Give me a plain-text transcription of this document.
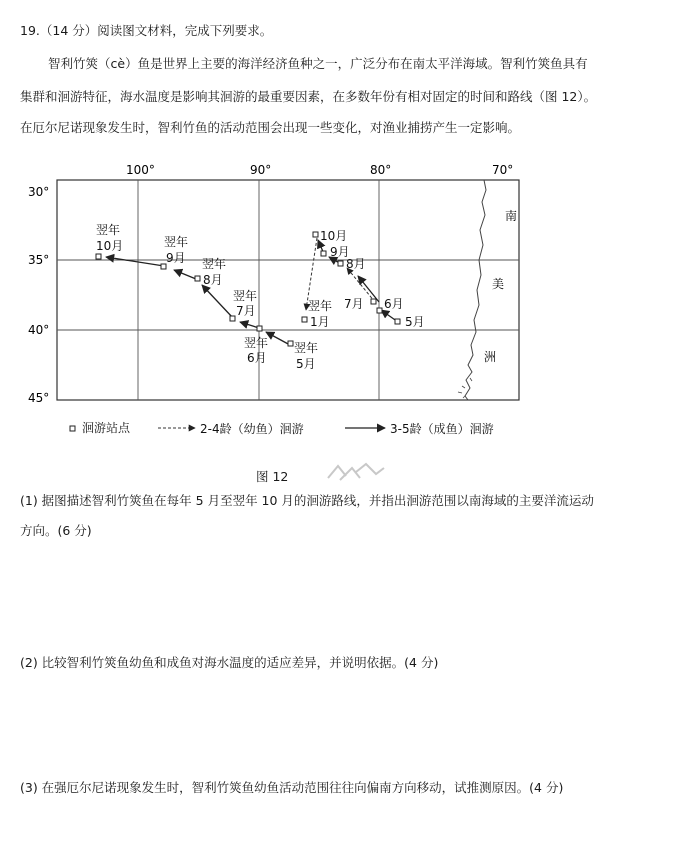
19.（14 分）阅读图文材料，完成下列要求。
智利竹筴（cè）鱼是世界上主要的海洋经济鱼种之一，广泛分布在南太平洋海域。智利竹筴鱼具有
集群和洄游特征，海水温度是影响其洄游的最重要因素，在多数年份有相对固定的时间和路线（图 12）。
在厄尔尼诺现象发生时，智利竹鱼的活动范围会出现一些变化，对渔业捕捞产生一定影响。
100°	90°	80°	70°
30°
35°
40°
45°
南
美
洲
翌年
10月	翌年
9月 翌年
8月
翌年
7月
翌年
6月
翌年
5月
翌年
1月
10月
9月
8月
7月 6月
5月
洄游站点	2-4龄（幼鱼）洄游	3-5龄（成鱼）洄游
图 12
(1) 据图描述智利竹筴鱼在每年 5 月至翌年 10 月的洄游路线，并指出洄游范围以南海域的主要洋流运动
方向。(6 分)
(2) 比较智利竹筴鱼幼鱼和成鱼对海水温度的适应差异，并说明依据。(4 分)
(3) 在强厄尔尼诺现象发生时，智利竹筴鱼幼鱼活动范围往往向偏南方向移动，试推测原因。(4 分)
